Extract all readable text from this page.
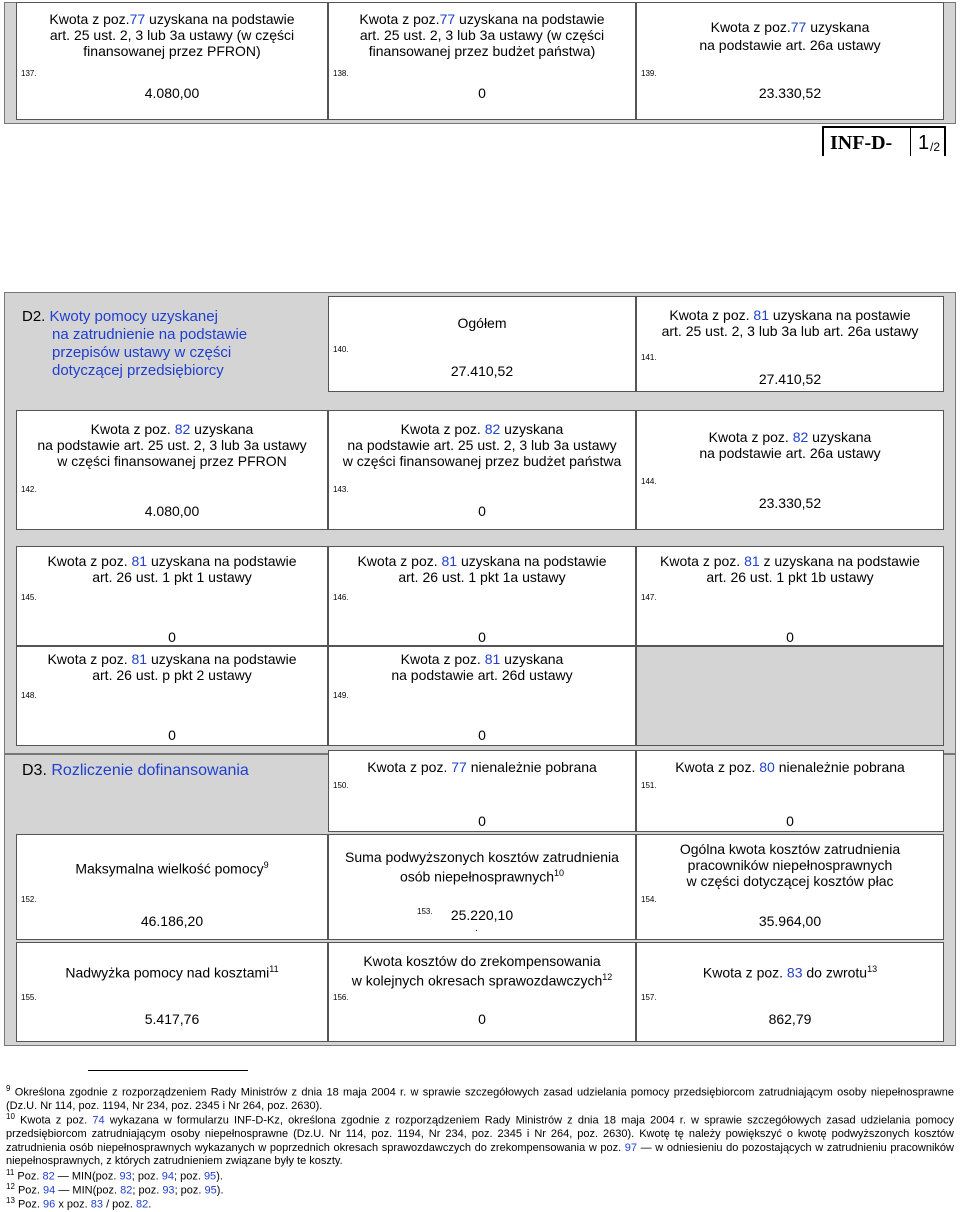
Kwota z poz.77 uzyskana na podstawie
art. 25 ust. 2, 3 lub 3a ustawy (w części
finansowanej przez PFRON)
137.
4.080,00
Kwota z poz.77 uzyskana na podstawie
art. 25 ust. 2, 3 lub 3a ustawy (w części
finansowanej przez budżet państwa)
138.
0
Kwota z poz.77 uzyskana
na podstawie art. 26a ustawy
139.
23.330,52
INF-D- 1 /2
D2. Kwoty pomocy uzyskanej
na zatrudnienie na podstawie
przepisów ustawy w części
dotyczącej przedsiębiorcy
Ogółem
140.
27.410,52
Kwota z poz. 81 uzyskana na postawie
art. 25 ust. 2, 3 lub 3a lub art. 26a ustawy
141.
27.410,52
Kwota z poz. 82 uzyskana
na podstawie art. 25 ust. 2, 3 lub 3a ustawy
w części finansowanej przez PFRON
142.
4.080,00
Kwota z poz. 82 uzyskana
na podstawie art. 25 ust. 2, 3 lub 3a ustawy
w części finansowanej przez budżet państwa
143.
0
Kwota z poz. 82 uzyskana
na podstawie art. 26a ustawy
144.
23.330,52
Kwota z poz. 81 uzyskana na podstawie
art. 26 ust. 1 pkt 1 ustawy
145.
0
Kwota z poz. 81 uzyskana na podstawie
art. 26 ust. 1 pkt 1a ustawy
146.
0
Kwota z poz. 81 z uzyskana na podstawie
art. 26 ust. 1 pkt 1b ustawy
147.
0
Kwota z poz. 81 uzyskana na podstawie
art. 26 ust. p pkt 2 ustawy
148.
0
Kwota z poz. 81 uzyskana
na podstawie art. 26d ustawy
149.
0
D3. Rozliczenie dofinansowania	Kwota z poz. 77 nienależnie pobrana
150.
0
Kwota z poz. 80 nienależnie pobrana
151.
0
Maksymalna wielkość pomocy$^9$
152.
46.186,20
Suma podwyższonych kosztów zatrudnienia
osób niepełnosprawnych$^{10}$
153.	25.220,10
.
Ogólna kwota kosztów zatrudnienia
pracowników niepełnosprawnych
w części dotyczącej kosztów płac
154.
35.964,00
Nadwyżka pomocy nad kosztami$^{11}$
155.
5.417,76
Kwota kosztów do zrekompensowania
w kolejnych okresach sprawozdawczych$^{12}$
156.
0
Kwota z poz. 83 do zwrotu$^{13}$
157.
862,79
$^9$ Określona zgodnie z rozporządzeniem Rady Ministrów z dnia 18 maja 2004 r. w sprawie szczegółowych zasad udzielania pomocy przedsiębiorcom zatrudniającym osoby niepełnosprawne (Dz.U. Nr 114, poz. 1194, Nr 234, poz. 2345 i Nr 264, poz. 2630).
$^{10}$ Kwota z poz. 74 wykazana w formularzu INF-D-Kz, określona zgodnie z rozporządzeniem Rady Ministrów z dnia 18 maja 2004 r. w sprawie szczegółowych zasad udzielania pomocy przedsiębiorcom zatrudniającym osoby niepełnosprawne (Dz.U. Nr 114, poz. 1194, Nr 234, poz. 2345 i Nr 264, poz. 2630). Kwotę tę należy powiększyć o kwotę podwyższonych kosztów zatrudnienia osób niepełnosprawnych wykazanych w poprzednich okresach sprawozdawczych do zrekompensowania w poz. 97 — w odniesieniu do pozostających w zatrudnieniu pracowników niepełnosprawnych, z których zatrudnieniem związane były te koszty.
$^{11}$ Poz. 82 — MIN(poz. 93; poz. 94; poz. 95).
$^{12}$ Poz. 94 — MIN(poz. 82; poz. 93; poz. 95).
$^{13}$ Poz. 96 x poz. 83 / poz. 82.
